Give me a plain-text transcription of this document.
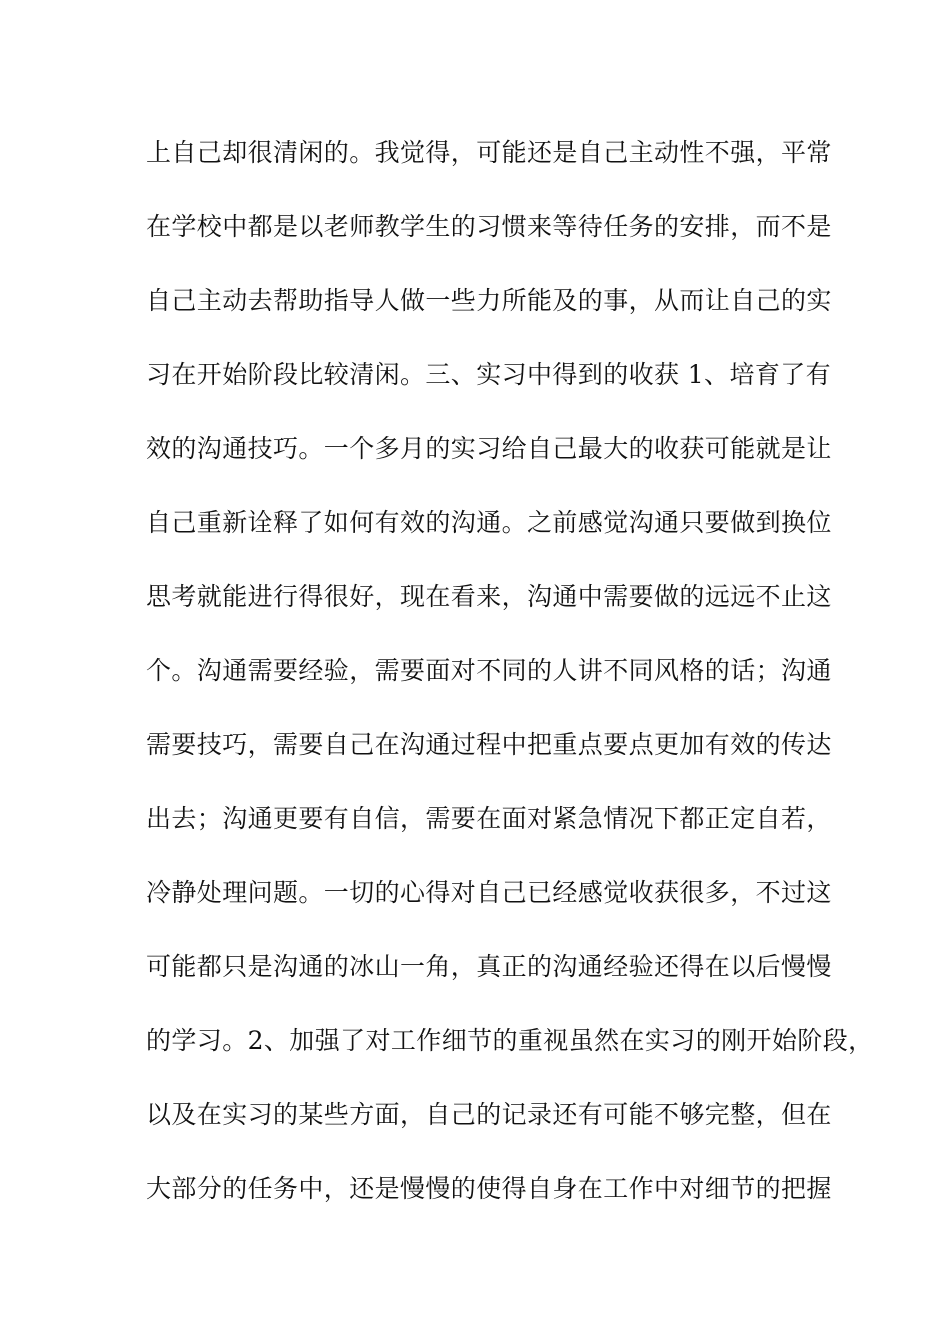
上自己却很清闲的。我觉得，可能还是自己主动性不强，平常
在学校中都是以老师教学生的习惯来等待任务的安排，而不是
自己主动去帮助指导人做一些力所能及的事，从而让自己的实
习在开始阶段比较清闲。三、实习中得到的收获 1、培育了有
效的沟通技巧。一个多月的实习给自己最大的收获可能就是让
自己重新诠释了如何有效的沟通。之前感觉沟通只要做到换位
思考就能进行得很好，现在看来，沟通中需要做的远远不止这
个。沟通需要经验，需要面对不同的人讲不同风格的话；沟通
需要技巧，需要自己在沟通过程中把重点要点更加有效的传达
出去；沟通更要有自信，需要在面对紧急情况下都正定自若，
冷静处理问题。一切的心得对自己已经感觉收获很多，不过这
可能都只是沟通的冰山一角，真正的沟通经验还得在以后慢慢
的学习。2、加强了对工作细节的重视虽然在实习的刚开始阶段，
以及在实习的某些方面，自己的记录还有可能不够完整，但在
大部分的任务中，还是慢慢的使得自身在工作中对细节的把握
